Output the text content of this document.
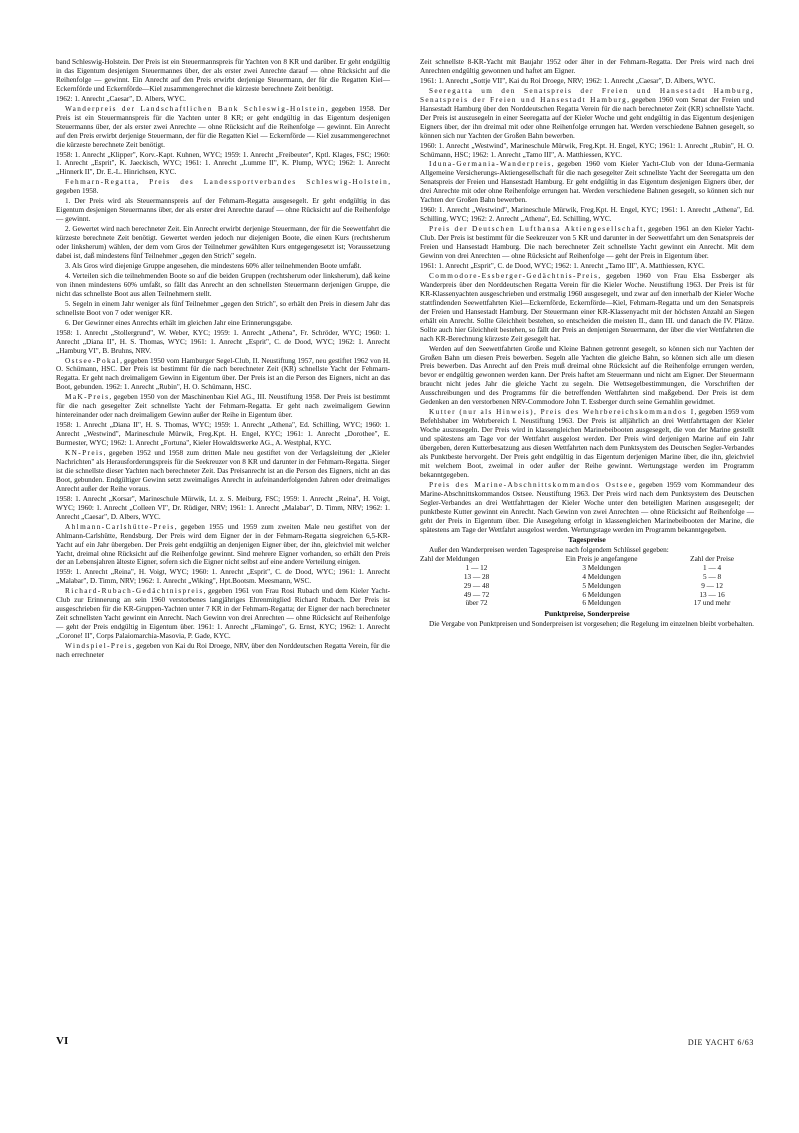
band Schleswig-Holstein. Der Preis ist ein Steuermannspreis für Yachten von 8 KR und darüber. Er geht endgültig in das Eigentum desjenigen Steuermannes über, der als erster zwei Anrechte darauf — ohne Rücksicht auf die Reihenfolge — gewinnt. Ein Anrecht auf den Preis erwirbt derjenige Steuermann, der für die Regatten Kiel—Eckernförde und Eckernförde—Kiel zusammengerechnet die kürzeste berechnete Zeit benötigt.

1962: 1. Anrecht „Caesar", D. Albers, WYC.

Wanderpreis der Landschaftlichen Bank Schleswig-Holstein, gegeben 1958. Der Preis ist ein Steuermannspreis für die Yachten unter 8 KR; er geht endgültig in das Eigentum desjenigen Steuermanns über, der als erster zwei Anrechte — ohne Rücksicht auf die Reihenfolge — gewinnt. Ein Anrecht auf den Preis erwirbt derjenige Steuermann, der für die Regatten Kiel — Eckernförde — Kiel zusammengerechnet die kürzeste berechnete Zeit benötigt.

1958: 1. Anrecht „Klipper", Korv.-Kapt. Kuhnen, WYC; 1959: 1. Anrecht „Freibeuter", Kptl. Klages, FSC; 1960: 1. Anrecht „Esprit", K. Jaeckisch, WYC; 1961: 1. Anrecht „Lumme II", K. Plump, WYC; 1962: 1. Anrecht „Hinnerk II", Dr. E.-L. Hinrichsen, KYC.

Fehmarn-Regatta, Preis des Landessportverbandes Schleswig-Holstein, gegeben 1958.

1. Der Preis wird als Steuermannspreis auf der Fehmarn-Regatta ausgesegelt. Er geht endgültig in das Eigentum desjenigen Steuermanns über, der als erster drei Anrechte darauf — ohne Rücksicht auf die Reihenfolge — gewinnt.

2. Gewertet wird nach berechneter Zeit. Ein Anrecht erwirbt derjenige Steuermann, der für die Seewettfahrt die kürzeste berechnete Zeit benötigt. Gewertet werden jedoch nur diejenigen Boote, die einen Kurs (rechtsherum oder linksherum) wählen, der dem vom Gros der Teilnehmer gewählten Kurs entgegengesetzt ist; Voraussetzung dabei ist, daß mindestens fünf Teilnehmer „gegen den Strich" segeln.

3. Als Gros wird diejenige Gruppe angesehen, die mindestens 60% aller teilnehmenden Boote umfaßt.

4. Verteilen sich die teilnehmenden Boote so auf die beiden Gruppen (rechtsherum oder linksherum), daß keine von ihnen mindestens 60% umfaßt, so fällt das Anrecht an den schnellsten Steuermann derjenigen Gruppe, die nicht das schnellste Boot aus allen Teilnehmern stellt.

5. Segeln in einem Jahr weniger als fünf Teilnehmer „gegen den Strich", so erhält den Preis in diesem Jahr das schnellste Boot von 7 oder weniger KR.

6. Der Gewinner eines Anrechts erhält im gleichen Jahr eine Erinnerungsgabe.

1958: 1. Anrecht „Stollergrund", W. Weber, KYC; 1959: 1. Anrecht „Athena", Fr. Schröder, WYC; 1960: 1. Anrecht „Diana II", H. S. Thomas, WYC; 1961: 1. Anrecht „Esprit", C. de Dood, WYC; 1962: 1. Anrecht „Hamburg VI", B. Bruhns, NRV.

Ostsee-Pokal, gegeben 1950 vom Hamburger Segel-Club, II. Neustiftung 1957, neu gestiftet 1962 von H. O. Schümann, HSC. Der Preis ist bestimmt für die nach berechneter Zeit (KR) schnellste Yacht der Fehmarn-Regatta. Er geht nach dreimaligem Gewinn in Eigentum über. Der Preis ist an die Person des Eigners, nicht an das Boot, gebunden. 1962: 1. Anrecht „Rubin", H. O. Schümann, HSC.

MaK-Preis, gegeben 1950 von der Maschinenbau Kiel AG., III. Neustiftung 1958. Der Preis ist bestimmt für die nach gesegelter Zeit schnellste Yacht der Fehmarn-Regatta. Er geht nach zweimaligem Gewinn hintereinander oder nach dreimaligem Gewinn außer der Reihe in Eigentum über.

1958: 1. Anrecht „Diana II", H. S. Thomas, WYC; 1959: 1. Anrecht „Athena", Ed. Schilling, WYC; 1960: 1. Anrecht „Westwind", Marineschule Mürwik, Freg.Kpt. H. Engel, KYC; 1961: 1. Anrecht „Dorothee", E. Burmester, WYC; 1962: 1. Anrecht „Fortuna", Kieler Howaldtswerke AG., A. Westphal, KYC.

KN-Preis, gegeben 1952 und 1958 zum dritten Male neu gestiftet von der Verlagsleitung der „Kieler Nachrichten" als Herausforderungspreis für die Seekreuzer von 8 KR und darunter in der Fehmarn-Regatta. Sieger ist die schnellste dieser Yachten nach berechneter Zeit. Das Preisanrecht ist an die Person des Eigners, nicht an das Boot, gebunden. Endgültiger Gewinn setzt zweimaliges Anrecht in aufeinanderfolgenden Jahren oder dreimaliges Anrecht außer der Reihe voraus.

1958: 1. Anrecht „Korsar", Marineschule Mürwik, Lt. z. S. Meiburg, FSC; 1959: 1. Anrecht „Reina", H. Voigt, WYC; 1960: 1. Anrecht „Colleen VI", Dr. Rüdiger, NRV; 1961: 1. Anrecht „Malabar", D. Timm, NRV; 1962: 1. Anrecht „Caesar", D. Albers, WYC.

Ahlmann-Carlshütte-Preis, gegeben 1955 und 1959 zum zweiten Male neu gestiftet von der Ahlmann-Carlshütte, Rendsburg. Der Preis wird dem Eigner der in der Fehmarn-Regatta siegreichen 6,5-KR-Yacht auf ein Jahr übergeben. Der Preis geht endgültig an denjenigen Eigner über, der ihn, gleichviel mit welcher Yacht, dreimal ohne Rücksicht auf die Reihenfolge gewinnt. Sind mehrere Eigner vorhanden, so erhält den Preis der an Lebensjahren älteste Eigner, sofern sich die Eigner nicht selbst auf eine andere Verteilung einigen.

1959: 1. Anrecht „Reina", H. Voigt, WYC; 1960: 1. Anrecht „Esprit", C. de Dood, WYC; 1961: 1. Anrecht „Malabar", D. Timm, NRV; 1962: 1. Anrecht „Wiking", Hpt.Bootsm. Meesmann, WSC.

Richard-Rubach-Gedächtnispreis, gegeben 1961 von Frau Rosi Rubach und dem Kieler Yacht-Club zur Erinnerung an sein 1960 verstorbenes langjähriges Ehrenmitglied Richard Rubach. Der Preis ist ausgeschrieben für die KR-Gruppen-Yachten unter 7 KR in der Fehmarn-Regatta; der Eigner der nach berechneter Zeit schnellsten Yacht gewinnt ein Anrecht. Nach Gewinn von drei Anrechten — ohne Rücksicht auf Reihenfolge — geht der Preis endgültig in Eigentum über. 1961: 1. Anrecht „Flamingo", G. Ernst, KYC; 1962: 1. Anrecht „Corone! II", Corps Palaiomarchia-Masovia, P. Gade, KYC.

Windspiel-Preis, gegeben von Kai du Roi Droege, NRV, über den Norddeutschen Regatta Verein, für die nach errechneter

Zeit schnellste 8-KR-Yacht mit Baujahr 1952 oder älter in der Fehmarn-Regatta. Der Preis wird nach drei Anrechten endgültig gewonnen und haftet am Eigner.

1961: 1. Anrecht „Sottje VII", Kai du Roi Droege, NRV; 1962: 1. Anrecht „Caesar", D. Albers, WYC.

Seeregatta um den Senatspreis der Freien und Hansestadt Hamburg, Senatspreis der Freien und Hansestadt Hamburg, gegeben 1960 vom Senat der Freien und Hansestadt Hamburg über den Norddeutschen Regatta Verein für die nach berechneter Zeit (KR) schnellste Yacht. Der Preis ist auszusegeln in einer Seeregatta auf der Kieler Woche und geht endgültig in das Eigentum desjenigen Eigners über, der ihn dreimal mit oder ohne Reihenfolge errungen hat. Werden verschiedene Bahnen gesegelt, so können sich nur Yachten der Großen Bahn bewerben.

1960: 1. Anrecht „Westwind", Marineschule Mürwik, Freg.Kpt. H. Engel, KYC; 1961: 1. Anrecht „Rubin", H. O. Schümann, HSC; 1962: 1. Anrecht „Tamo III", A. Matthiessen, KYC.

Iduna-Germania-Wanderpreis, gegeben 1960 vom Kieler Yacht-Club von der Iduna-Germania Allgemeine Versicherungs-Aktiengesellschaft für die nach gesegelter Zeit schnellste Yacht der Seeregatta um den Senatspreis der Freien und Hansestadt Hamburg. Er geht endgültig in das Eigentum desjenigen Eigners über, der drei Anrechte mit oder ohne Reihenfolge errungen hat. Werden verschiedene Bahnen gesegelt, so können sich nur Yachten der Großen Bahn bewerben.

1960: 1. Anrecht „Westwind", Marineschule Mürwik, Freg.Kpt. H. Engel, KYC; 1961: 1. Anrecht „Athena", Ed. Schilling, WYC; 1962: 2. Anrecht „Athena", Ed. Schilling, WYC.

Preis der Deutschen Lufthansa Aktiengesellschaft, gegeben 1961 an den Kieler Yacht-Club. Der Preis ist bestimmt für die Seekreuzer von 5 KR und darunter in der Seewettfahrt um den Senatspreis der Freien und Hansestadt Hamburg. Die nach berechneter Zeit schnellste Yacht gewinnt ein Anrecht. Mit dem Gewinn von drei Anrechten — ohne Rücksicht auf Reihenfolge — geht der Preis in Eigentum über.

1961: 1. Anrecht „Esprit", C. de Dood, WYC; 1962: 1. Anrecht „Tamo III", A. Matthiessen, KYC.

Commodore-Essberger-Gedächtnis-Preis, gegeben 1960 von Frau Elsa Essberger als Wanderpreis über den Norddeutschen Regatta Verein für die Kieler Woche. Neustiftung 1963. Der Preis ist für KR-Klassenyachten ausgeschrieben und erstmalig 1960 ausgesegelt, und zwar auf den innerhalb der Kieler Woche stattfindenden Seewettfahrten Kiel—Eckernförde, Eckernförde—Kiel, Fehmarn-Regatta und um den Senatspreis der Freien und Hansestadt Hamburg. Der Steuermann einer KR-Klassenyacht mit der höchsten Anzahl an Siegen erhält ein Anrecht. Sollte Gleichheit bestehen, so entscheiden die meisten II., dann III. und danach die IV. Plätze. Sollte auch hier Gleichheit bestehen, so fällt der Preis an denjenigen Steuermann, der über die vier Wettfahrten die nach KR-Berechnung kürzeste Zeit gesegelt hat.

Werden auf den Seewettfahrten Große und Kleine Bahnen getrennt gesegelt, so können sich nur Yachten der Großen Bahn um diesen Preis bewerben. Segeln alle Yachten die gleiche Bahn, so können sich alle um diesen Preis bewerben. Das Anrecht auf den Preis muß dreimal ohne Rücksicht auf die Reihenfolge errungen werden, bevor er endgültig gewonnen werden kann. Der Preis haftet am Steuermann und nicht am Eigner. Der Steuermann braucht nicht jedes Jahr die gleiche Yacht zu segeln. Die Wettsegelbestimmungen, die Vorschriften der Ausschreibungen und des Programms für die betreffenden Wettfahrten sind maßgebend. Der Preis ist dem Gedenken an den verstorbenen NRV-Commodore John T. Essberger durch seine Gemahlin gewidmet.

Kutter (nur als Hinweis), Preis des Wehrbereichskommandos I, gegeben 1959 vom Befehlshaber im Wehrbereich I. Neustiftung 1963. Der Preis ist alljährlich an drei Wettfahrttagen der Kieler Woche auszusegeln. Der Preis wird in klassengleichen Marinebeibooten ausgesegelt, die von der Marine gestellt und spätestens am Tage vor der Wettfahrt ausgelost werden. Der Preis wird derjenigen Marine auf ein Jahr übergeben, deren Kutterbesatzung aus diesen Wettfahrten nach dem Punktsystem des Deutschen Segler-Verbandes als Punktbeste hervorgeht. Der Preis geht endgültig in das Eigentum derjenigen Marine über, die ihn, gleichviel mit welchem Boot, zweimal in oder außer der Reihe gewinnt. Wertungstage werden im Programm bekanntgegeben.

Preis des Marine-Abschnittskommandos Ostsee, gegeben 1959 vom Kommandeur des Marine-Abschnittskommandos Ostsee. Neustiftung 1963. Der Preis wird nach dem Punktsystem des Deutschen Segler-Verbandes an drei Wettfahrttagen der Kieler Woche unter den beteiligten Marinen ausgesegelt; der punktbeste Kutter gewinnt ein Anrecht. Nach Gewinn von zwei Anrechten — ohne Rücksicht auf Reihenfolge — geht der Preis in Eigentum über. Die Ausegelung erfolgt in klassengleichen Marinebeibooten der Marine, die spätestens am Tage der Wettfahrt ausgelost werden. Wertungstage werden im Programm bekanntgegeben.

Tagespreise

Außer den Wanderpreisen werden Tagespreise nach folgendem Schlüssel gegeben:

Zahl der Meldungen	Ein Preis je angefangene	Zahl der Preise
1 — 12	3 Meldungen	1 — 4
13 — 28	4 Meldungen	5 — 8
29 — 48	5 Meldungen	9 — 12
49 — 72	6 Meldungen	13 — 16
über 72	6 Meldungen	17 und mehr

Punktpreise, Sonderpreise

Die Vergabe von Punktpreisen und Sonderpreisen ist vorgesehen; die Regelung im einzelnen bleibt vorbehalten.

VI	DIE YACHT 6/63
